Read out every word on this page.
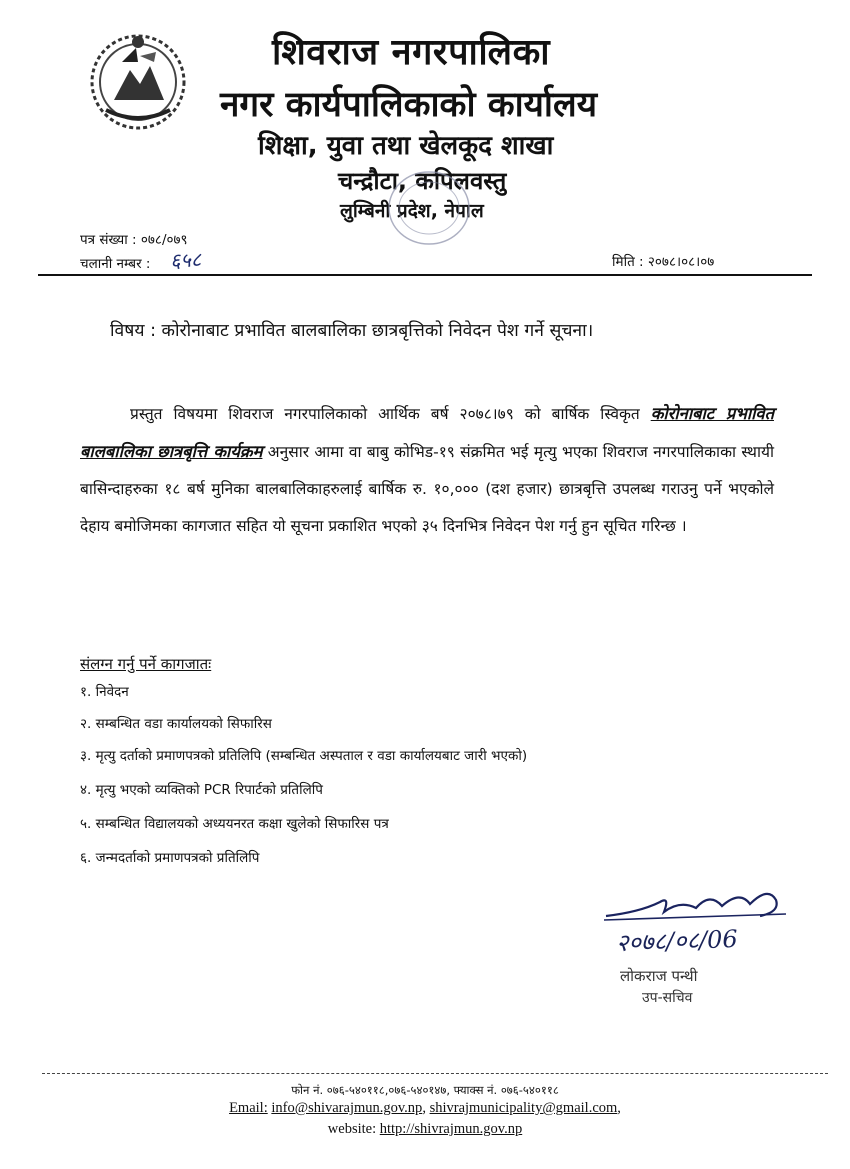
शिवराज नगरपालिका
नगर कार्यपालिकाको कार्यालय
शिक्षा, युवा तथा खेलकूद शाखा
चन्द्रौटा, कपिलवस्तु
लुम्बिनी प्रदेश, नेपाल
पत्र संख्या : ०७८/०७९
चलानी नम्बर : ६५८	मिति : २०७८।०८।०७
विषय : कोरोनाबाट प्रभावित बालबालिका छात्रबृत्तिको निवेदन पेश गर्ने सूचना।
प्रस्तुत विषयमा शिवराज नगरपालिकाको आर्थिक बर्ष २०७८।७९ को बार्षिक स्विकृत कोरोनाबाट प्रभावित बालबालिका छात्रबृत्ति कार्यक्रम अनुसार आमा वा बाबु कोभिड-१९ संक्रमित भई मृत्यु भएका शिवराज नगरपालिकाका स्थायी बासिन्दाहरुका १८ बर्ष मुनिका बालबालिकाहरुलाई बार्षिक रु. १०,००० (दश हजार) छात्रबृत्ति उपलब्ध गराउनु पर्ने भएकोले देहाय बमोजिमका कागजात सहित यो सूचना प्रकाशित भएको ३५ दिनभित्र निवेदन पेश गर्नु हुन सूचित गरिन्छ ।
संलग्न गर्नु पर्ने कागजातः
१. निवेदन
२. सम्बन्धित वडा कार्यालयको सिफारिस
३. मृत्यु दर्ताको प्रमाणपत्रको प्रतिलिपि (सम्बन्धित अस्पताल र वडा कार्यालयबाट जारी भएको)
४. मृत्यु भएको व्यक्तिको PCR रिपार्टको प्रतिलिपि
५. सम्बन्धित विद्यालयको अध्ययनरत कक्षा खुलेको सिफारिस पत्र
६. जन्मदर्ताको प्रमाणपत्रको प्रतिलिपि
२०७८/०८/06
लोकराज पन्थी
उप-सचिव
फोन नं. ०७६-५४०११८,०७६-५४०१४७, फ्याक्स नं. ०७६-५४०११८
Email: info@shivarajmun.gov.np, shivrajmunicipality@gmail.com,
website: http://shivrajmun.gov.np
